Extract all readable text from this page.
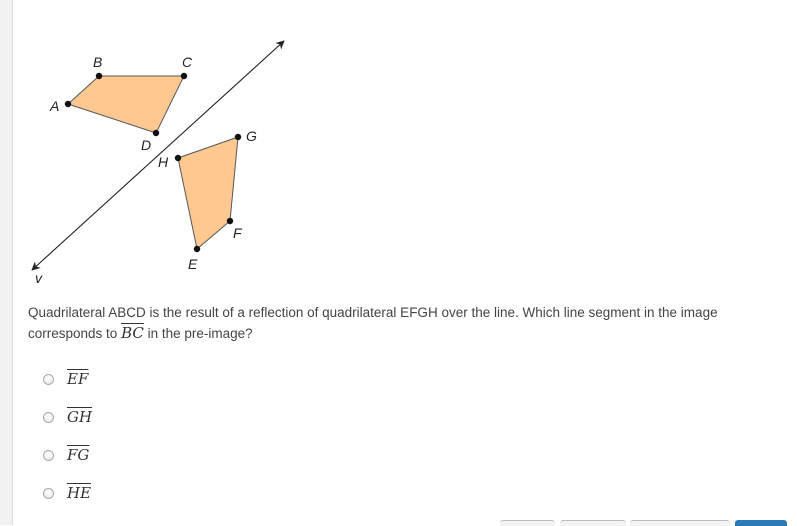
A
B	C
D
E
F
G
H
v
Quadrilateral ABCD is the result of a reflection of quadrilateral EFGH over the line. Which line segment in the image corresponds to $\overline{BC}$ in the pre-image?
$\overline{EF}$
$\overline{GH}$
$\overline{FG}$
$\overline{HE}$
